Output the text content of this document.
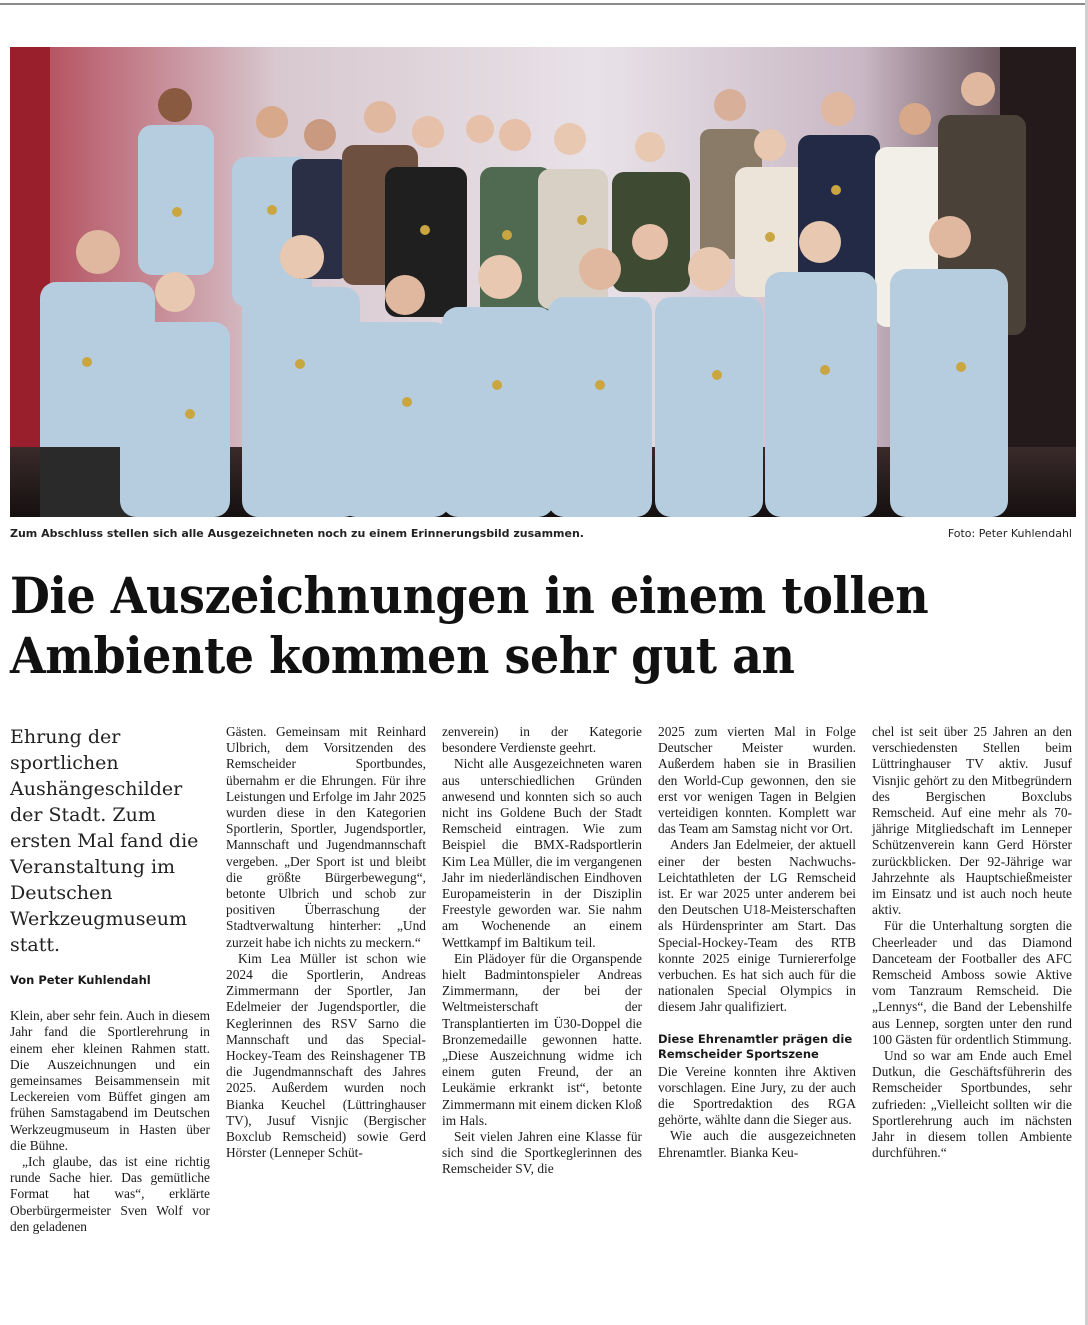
Zum Abschluss stellen sich alle Ausgezeichneten noch zu einem Erinnerungsbild zusammen.	Foto: Peter Kuhlendahl
Die Auszeichnungen in einem tollen
Ambiente kommen sehr gut an
Ehrung der sportlichen Aushängeschilder der Stadt. Zum ersten Mal fand die Veranstaltung im Deutschen Werkzeugmuseum statt.
Von Peter Kuhlendahl

Klein, aber sehr fein. Auch in diesem Jahr fand die Sportlerehrung in einem eher kleinen Rahmen statt. Die Auszeichnungen und ein gemeinsames Beisammensein mit Leckereien vom Büffet gingen am frühen Samstagabend im Deutschen Werkzeugmuseum in Hasten über die Bühne.

„Ich glaube, das ist eine richtig runde Sache hier. Das gemütliche Format hat was“, erklärte Oberbürgermeister Sven Wolf vor den geladenen

Gästen. Gemeinsam mit Reinhard Ulbrich, dem Vorsitzenden des Remscheider Sportbundes, übernahm er die Ehrungen. Für ihre Leistungen und Erfolge im Jahr 2025 wurden diese in den Kategorien Sportlerin, Sportler, Jugendsportler, Mannschaft und Jugendmannschaft vergeben. „Der Sport ist und bleibt die größte Bürgerbewegung“, betonte Ulbrich und schob zur positiven Überraschung der Stadtverwaltung hinterher: „Und zurzeit habe ich nichts zu meckern.“

Kim Lea Müller ist schon wie 2024 die Sportlerin, Andreas Zimmermann der Sportler, Jan Edelmeier der Jugendsportler, die Keglerinnen des RSV Sarno die Mannschaft und das Special-Hockey-Team des Reinshagener TB die Jugendmannschaft des Jahres 2025. Außerdem wurden noch Bianka Keuchel (Lüttringhauser TV), Jusuf Visnjic (Bergischer Boxclub Remscheid) sowie Gerd Hörster (Lenneper Schüt-

zenverein) in der Kategorie besondere Verdienste geehrt.

Nicht alle Ausgezeichneten waren aus unterschiedlichen Gründen anwesend und konnten sich so auch nicht ins Goldene Buch der Stadt Remscheid eintragen. Wie zum Beispiel die BMX-Radsportlerin Kim Lea Müller, die im vergangenen Jahr im niederländischen Eindhoven Europameisterin in der Disziplin Freestyle geworden war. Sie nahm am Wochenende an einem Wettkampf im Baltikum teil.

Ein Plädoyer für die Organspende hielt Badmintonspieler Andreas Zimmermann, der bei der Weltmeisterschaft der Transplantierten im Ü30-Doppel die Bronzemedaille gewonnen hatte. „Diese Auszeichnung widme ich einem guten Freund, der an Leukämie erkrankt ist“, betonte Zimmermann mit einem dicken Kloß im Hals.

Seit vielen Jahren eine Klasse für sich sind die Sportkeglerinnen des Remscheider SV, die

2025 zum vierten Mal in Folge Deutscher Meister wurden. Außerdem haben sie in Brasilien den World-Cup gewonnen, den sie erst vor wenigen Tagen in Belgien verteidigen konnten. Komplett war das Team am Samstag nicht vor Ort.

Anders Jan Edelmeier, der aktuell einer der besten Nachwuchs-Leichtathleten der LG Remscheid ist. Er war 2025 unter anderem bei den Deutschen U18-Meisterschaften als Hürdensprinter am Start. Das Special-Hockey-Team des RTB konnte 2025 einige Turniererfolge verbuchen. Es hat sich auch für die nationalen Special Olympics in diesem Jahr qualifiziert.

Diese Ehrenamtler prägen die Remscheider Sportszene

Die Vereine konnten ihre Aktiven vorschlagen. Eine Jury, zu der auch die Sportredaktion des RGA gehörte, wählte dann die Sieger aus.

Wie auch die ausgezeichneten Ehrenamtler. Bianka Keu-

chel ist seit über 25 Jahren an den verschiedensten Stellen beim Lüttringhauser TV aktiv. Jusuf Visnjic gehört zu den Mitbegründern des Bergischen Boxclubs Remscheid. Auf eine mehr als 70-jährige Mitgliedschaft im Lenneper Schützenverein kann Gerd Hörster zurückblicken. Der 92-Jährige war Jahrzehnte als Hauptschießmeister im Einsatz und ist auch noch heute aktiv.

Für die Unterhaltung sorgten die Cheerleader und das Diamond Danceteam der Footballer des AFC Remscheid Amboss sowie Aktive vom Tanzraum Remscheid. Die „Lennys“, die Band der Lebenshilfe aus Lennep, sorgten unter den rund 100 Gästen für ordentlich Stimmung.

Und so war am Ende auch Emel Dutkun, die Geschäftsführerin des Remscheider Sportbundes, sehr zufrieden: „Vielleicht sollten wir die Sportlerehrung auch im nächsten Jahr in diesem tollen Ambiente durchführen.“
